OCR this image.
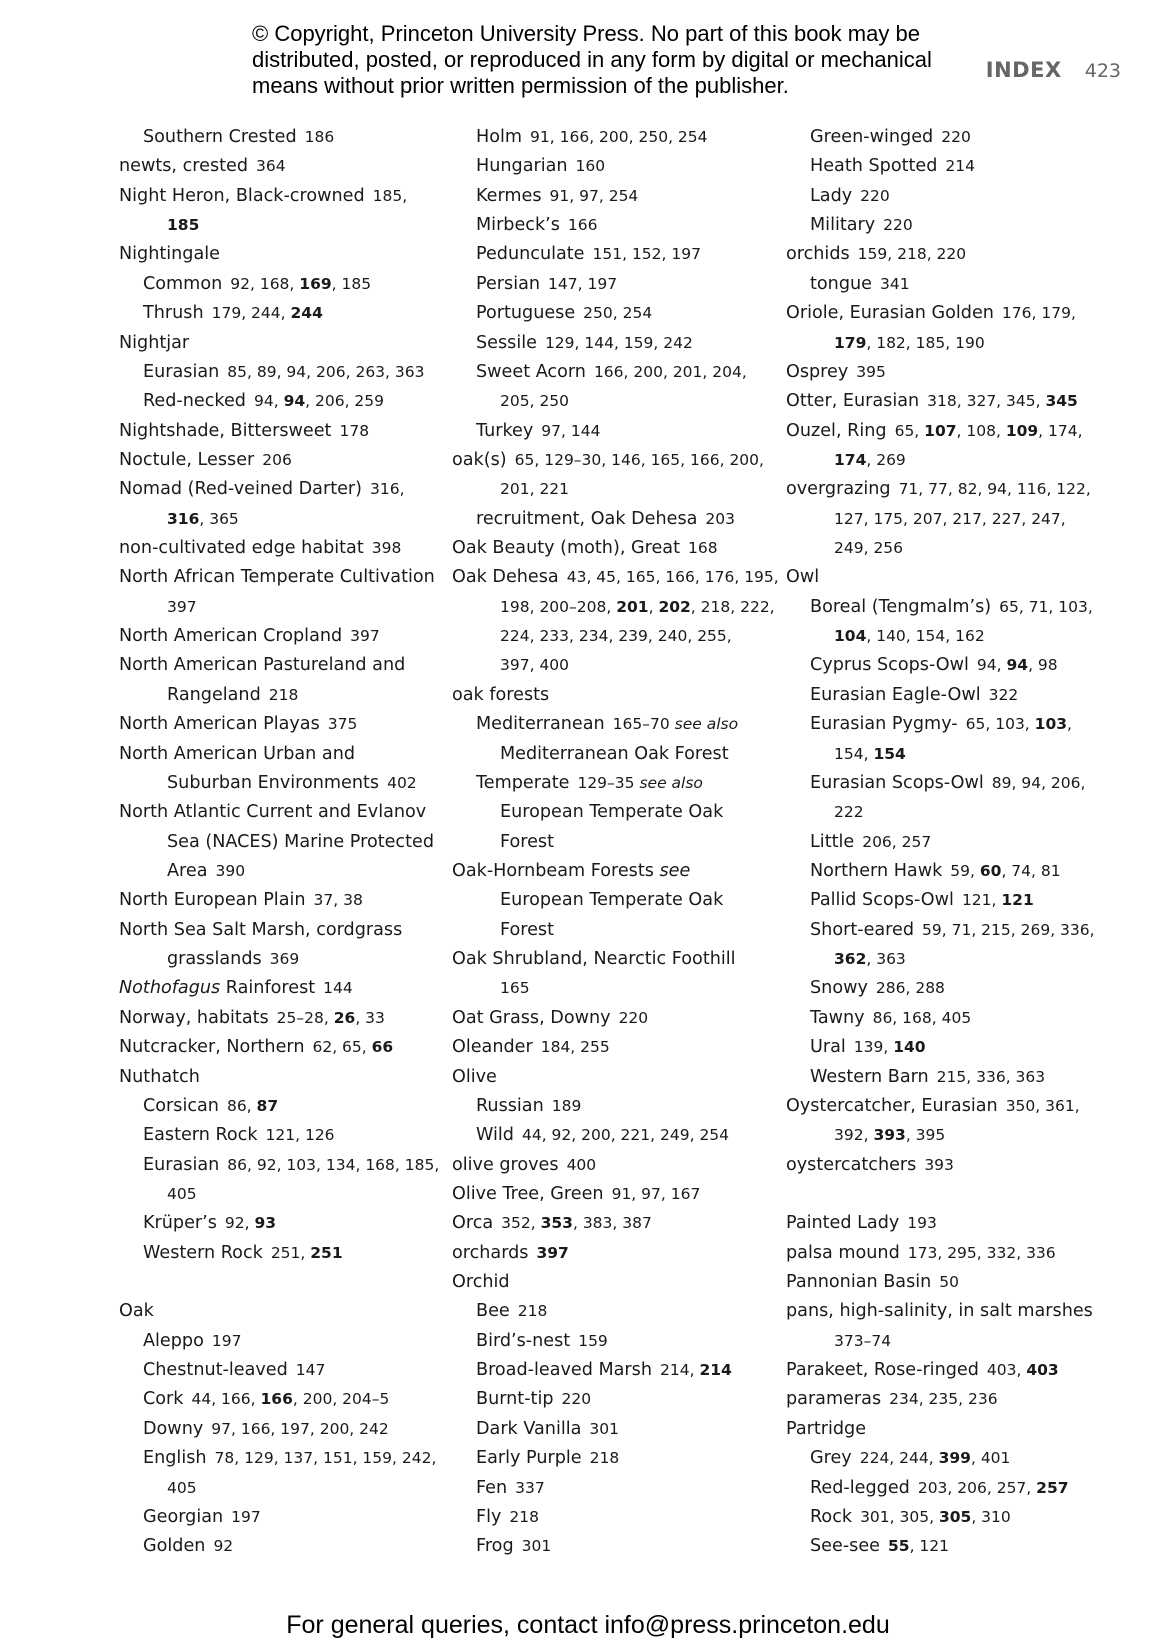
© Copyright, Princeton University Press. No part of this book may be
distributed, posted, or reproduced in any form by digital or mechanical
means without prior written permission of the publisher.
INDEX 423
Southern Crested 186
newts, crested 364
Night Heron, Black-crowned 185,
185
Nightingale
Common 92, 168, 169, 185
Thrush 179, 244, 244
Nightjar
Eurasian 85, 89, 94, 206, 263, 363
Red-necked 94, 94, 206, 259
Nightshade, Bittersweet 178
Noctule, Lesser 206
Nomad (Red-veined Darter) 316,
316, 365
non-cultivated edge habitat 398
North African Temperate Cultivation
397
North American Cropland 397
North American Pastureland and
Rangeland 218
North American Playas 375
North American Urban and
Suburban Environments 402
North Atlantic Current and Evlanov
Sea (NACES) Marine Protected
Area 390
North European Plain 37, 38
North Sea Salt Marsh, cordgrass
grasslands 369
Nothofagus Rainforest 144
Norway, habitats 25–28, 26, 33
Nutcracker, Northern 62, 65, 66
Nuthatch
Corsican 86, 87
Eastern Rock 121, 126
Eurasian 86, 92, 103, 134, 168, 185,
405
Krüper’s 92, 93
Western Rock 251, 251
Oak
Aleppo 197
Chestnut-leaved 147
Cork 44, 166, 166, 200, 204–5
Downy 97, 166, 197, 200, 242
English 78, 129, 137, 151, 159, 242,
405
Georgian 197
Golden 92
Holm 91, 166, 200, 250, 254
Hungarian 160
Kermes 91, 97, 254
Mirbeck’s 166
Pedunculate 151, 152, 197
Persian 147, 197
Portuguese 250, 254
Sessile 129, 144, 159, 242
Sweet Acorn 166, 200, 201, 204,
205, 250
Turkey 97, 144
oak(s) 65, 129–30, 146, 165, 166, 200,
201, 221
recruitment, Oak Dehesa 203
Oak Beauty (moth), Great 168
Oak Dehesa 43, 45, 165, 166, 176, 195,
198, 200–208, 201, 202, 218, 222,
224, 233, 234, 239, 240, 255,
397, 400
oak forests
Mediterranean 165–70 see also
Mediterranean Oak Forest
Temperate 129–35 see also
European Temperate Oak
Forest
Oak-Hornbeam Forests see
European Temperate Oak
Forest
Oak Shrubland, Nearctic Foothill
165
Oat Grass, Downy 220
Oleander 184, 255
Olive
Russian 189
Wild 44, 92, 200, 221, 249, 254
olive groves 400
Olive Tree, Green 91, 97, 167
Orca 352, 353, 383, 387
orchards 397
Orchid
Bee 218
Bird’s-nest 159
Broad-leaved Marsh 214, 214
Burnt-tip 220
Dark Vanilla 301
Early Purple 218
Fen 337
Fly 218
Frog 301
Green-winged 220
Heath Spotted 214
Lady 220
Military 220
orchids 159, 218, 220
tongue 341
Oriole, Eurasian Golden 176, 179,
179, 182, 185, 190
Osprey 395
Otter, Eurasian 318, 327, 345, 345
Ouzel, Ring 65, 107, 108, 109, 174,
174, 269
overgrazing 71, 77, 82, 94, 116, 122,
127, 175, 207, 217, 227, 247,
249, 256
Owl
Boreal (Tengmalm’s) 65, 71, 103,
104, 140, 154, 162
Cyprus Scops-Owl 94, 94, 98
Eurasian Eagle-Owl 322
Eurasian Pygmy- 65, 103, 103,
154, 154
Eurasian Scops-Owl 89, 94, 206,
222
Little 206, 257
Northern Hawk 59, 60, 74, 81
Pallid Scops-Owl 121, 121
Short-eared 59, 71, 215, 269, 336,
362, 363
Snowy 286, 288
Tawny 86, 168, 405
Ural 139, 140
Western Barn 215, 336, 363
Oystercatcher, Eurasian 350, 361,
392, 393, 395
oystercatchers 393
Painted Lady 193
palsa mound 173, 295, 332, 336
Pannonian Basin 50
pans, high-salinity, in salt marshes
373–74
Parakeet, Rose-ringed 403, 403
parameras 234, 235, 236
Partridge
Grey 224, 244, 399, 401
Red-legged 203, 206, 257, 257
Rock 301, 305, 305, 310
See-see 55, 121
For general queries, contact info@press.princeton.edu
